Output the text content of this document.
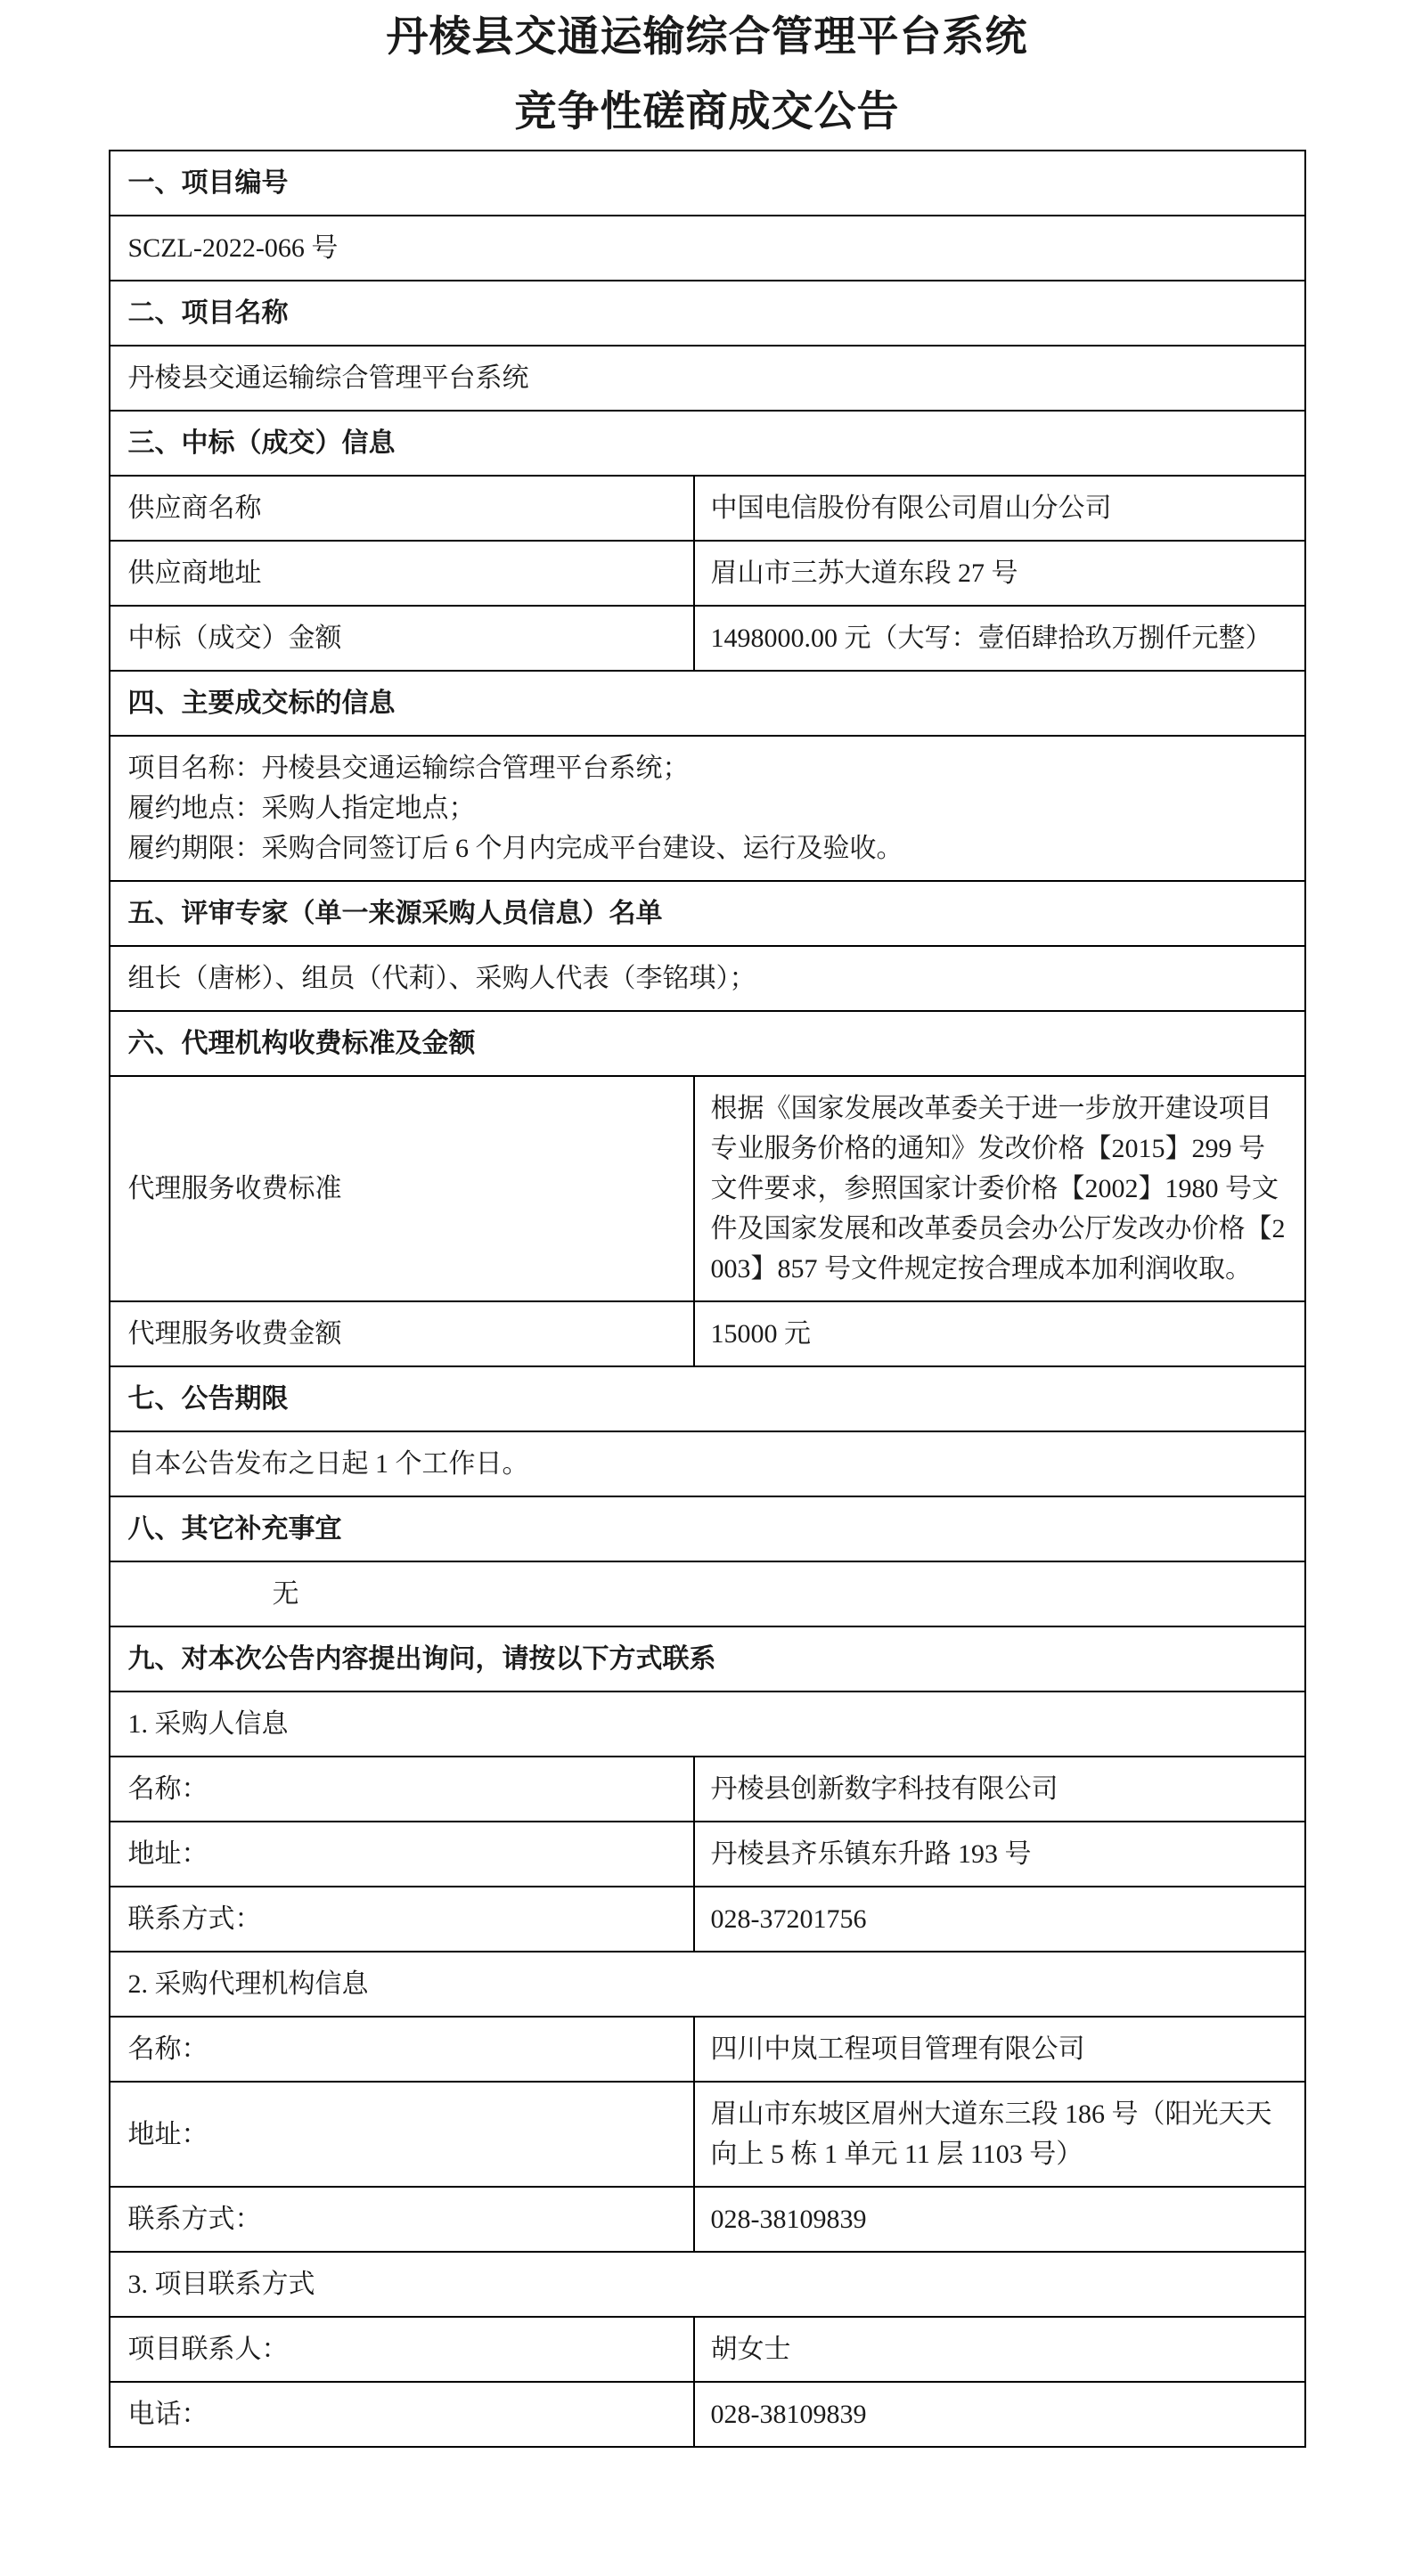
丹棱县交通运输综合管理平台系统
竞争性磋商成交公告
一、项目编号	
SCZL-2022-066 号	
二、项目名称	
丹棱县交通运输综合管理平台系统	
三、中标（成交）信息	
供应商名称	中国电信股份有限公司眉山分公司
供应商地址	眉山市三苏大道东段 27 号
中标（成交）金额	1498000.00 元（大写：壹佰肆拾玖万捌仟元整）
四、主要成交标的信息	

项目名称：丹棱县交通运输综合管理平台系统；
履约地点：采购人指定地点；
履约期限：采购合同签订后 6 个月内完成平台建设、运行及验收。	

五、评审专家（单一来源采购人员信息）名单	
组长（唐彬）、组员（代莉）、采购人代表（李铭琪）；	
六、代理机构收费标准及金额	
代理服务收费标准	根据《国家发展改革委关于进一步放开建设项目专业服务价格的通知》发改价格【2015】299 号文件要求，参照国家计委价格【2002】1980 号文件及国家发展和改革委员会办公厅发改办价格【2003】857 号文件规定按合理成本加利润收取。
代理服务收费金额	15000 元
七、公告期限	
自本公告发布之日起 1 个工作日。	
八、其它补充事宜	
无	
九、对本次公告内容提出询问，请按以下方式联系	
1. 采购人信息	
名称：	丹棱县创新数字科技有限公司
地址：	丹棱县齐乐镇东升路 193 号
联系方式：	028-37201756
2. 采购代理机构信息	
名称：	四川中岚工程项目管理有限公司
地址：	眉山市东坡区眉州大道东三段 186 号（阳光天天向上 5 栋 1 单元 11 层 1103 号）
联系方式：	028-38109839
3. 项目联系方式	
项目联系人：	胡女士
电话：	028-38109839
